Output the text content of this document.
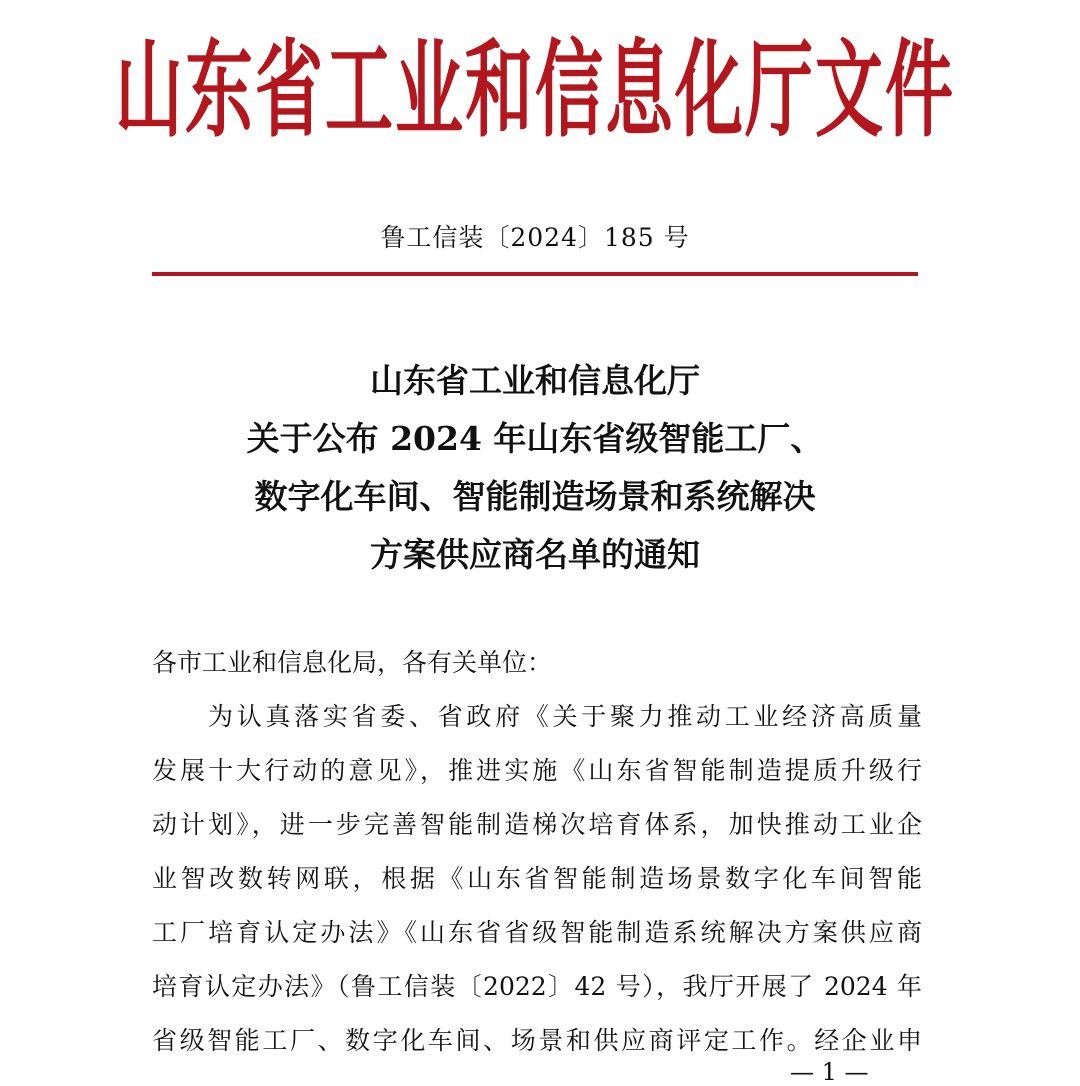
山东省工业和信息化厅文件
鲁工信装〔2024〕185 号
山东省工业和信息化厅
关于公布 2024 年山东省级智能工厂、
数字化车间、智能制造场景和系统解决
方案供应商名单的通知
各市工业和信息化局，各有关单位：
为认真落实省委、省政府《关于聚力推动工业经济高质量
发展十大行动的意见》，推进实施《山东省智能制造提质升级行
动计划》，进一步完善智能制造梯次培育体系，加快推动工业企
业智改数转网联，根据《山东省智能制造场景数字化车间智能
工厂培育认定办法》《山东省省级智能制造系统解决方案供应商
培育认定办法》（鲁工信装〔2022〕42 号），我厅开展了 2024 年
省级智能工厂、数字化车间、场景和供应商评定工作。经企业申
— 1 —
